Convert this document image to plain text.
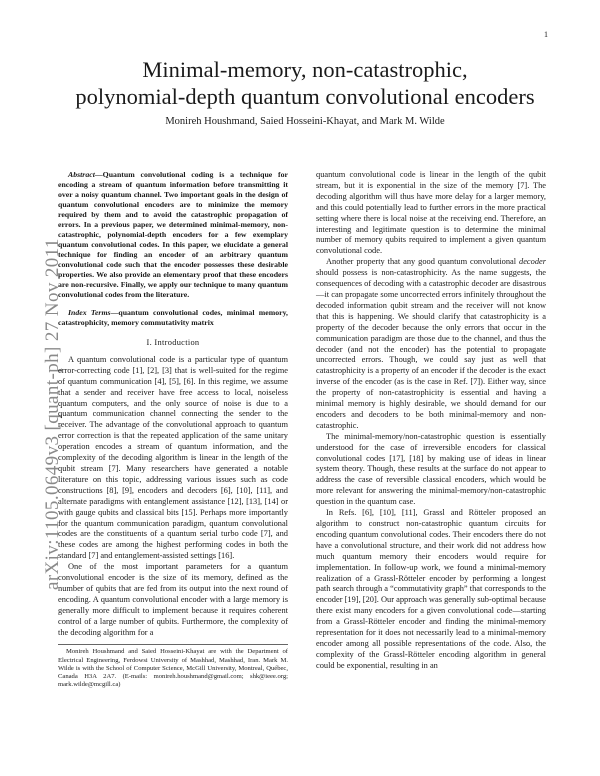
1
arXiv:1105.0649v3 [quant-ph] 27 Nov 2011
Minimal-memory, non-catastrophic,
polynomial-depth quantum convolutional encoders
Monireh Houshmand, Saied Hosseini-Khayat, and Mark M. Wilde

Abstract—Quantum convolutional coding is a technique for encoding a stream of quantum information before transmitting it over a noisy quantum channel. Two important goals in the design of quantum convolutional encoders are to minimize the memory required by them and to avoid the catastrophic propagation of errors. In a previous paper, we determined minimal-memory, non-catastrophic, polynomial-depth encoders for a few exemplary quantum convolutional codes. In this paper, we elucidate a general technique for finding an encoder of an arbitrary quantum convolutional code such that the encoder possesses these desirable properties. We also provide an elementary proof that these encoders are non-recursive. Finally, we apply our technique to many quantum convolutional codes from the literature.

Index Terms—quantum convolutional codes, minimal memory, catastrophicity, memory commutativity matrix

I. Introduction

A quantum convolutional code is a particular type of quantum error-correcting code [1], [2], [3] that is well-suited for the regime of quantum communication [4], [5], [6]. In this regime, we assume that a sender and receiver have free access to local, noiseless quantum computers, and the only source of noise is due to a quantum communication channel connecting the sender to the receiver. The advantage of the convolutional approach to quantum error correction is that the repeated application of the same unitary operation encodes a stream of quantum information, and the complexity of the decoding algorithm is linear in the length of the qubit stream [7]. Many researchers have generated a notable literature on this topic, addressing various issues such as code constructions [8], [9], encoders and decoders [6], [10], [11], and alternate paradigms with entanglement assistance [12], [13], [14] or with gauge qubits and classical bits [15]. Perhaps more importantly for the quantum communication paradigm, quantum convolutional codes are the constituents of a quantum serial turbo code [7], and these codes are among the highest performing codes in both the standard [7] and entanglement-assisted settings [16].

One of the most important parameters for a quantum convolutional encoder is the size of its memory, defined as the number of qubits that are fed from its output into the next round of encoding. A quantum convolutional encoder with a large memory is generally more difficult to implement because it requires coherent control of a large number of qubits. Furthermore, the complexity of the decoding algorithm for a

Monireh Houshmand and Saied Hosseini-Khayat are with the Department of Electrical Engineering, Ferdowsi University of Mashhad, Mashhad, Iran. Mark M. Wilde is with the School of Computer Science, McGill University, Montreal, Québec, Canada H3A 2A7. (E-mails: monireh.houshmand@gmail.com; shk@ieee.org; mark.wilde@mcgill.ca)

quantum convolutional code is linear in the length of the qubit stream, but it is exponential in the size of the memory [7]. The decoding algorithm will thus have more delay for a larger memory, and this could potentially lead to further errors in the more practical setting where there is local noise at the receiving end. Therefore, an interesting and legitimate question is to determine the minimal number of memory qubits required to implement a given quantum convolutional code.

Another property that any good quantum convolutional decoder should possess is non-catastrophicity. As the name suggests, the consequences of decoding with a catastrophic decoder are disastrous—it can propagate some uncorrected errors infinitely throughout the decoded information qubit stream and the receiver will not know that this is happening. We should clarify that catastrophicity is a property of the decoder because the only errors that occur in the communication paradigm are those due to the channel, and thus the decoder (and not the encoder) has the potential to propagate uncorrected errors. Though, we could say just as well that catastrophicity is a property of an encoder if the decoder is the exact inverse of the encoder (as is the case in Ref. [7]). Either way, since the property of non-catastrophicity is essential and having a minimal memory is highly desirable, we should demand for our encoders and decoders to be both minimal-memory and non-catastrophic.

The minimal-memory/non-catastrophic question is essentially understood for the case of irreversible encoders for classical convolutional codes [17], [18] by making use of ideas in linear system theory. Though, these results at the surface do not appear to address the case of reversible classical encoders, which would be more relevant for answering the minimal-memory/non-catastrophic question in the quantum case.

In Refs. [6], [10], [11], Grassl and Rötteler proposed an algorithm to construct non-catastrophic quantum circuits for encoding quantum convolutional codes. Their encoders there do not have a convolutional structure, and their work did not address how much quantum memory their encoders would require for implementation. In follow-up work, we found a minimal-memory realization of a Grassl-Rötteler encoder by performing a longest path search through a “commutativity graph” that corresponds to the encoder [19], [20]. Our approach was generally sub-optimal because there exist many encoders for a given convolutional code—starting from a Grassl-Rötteler encoder and finding the minimal-memory representation for it does not necessarily lead to a minimal-memory encoder among all possible representations of the code. Also, the complexity of the Grassl-Rötteler encoding algorithm in general could be exponential, resulting in an
